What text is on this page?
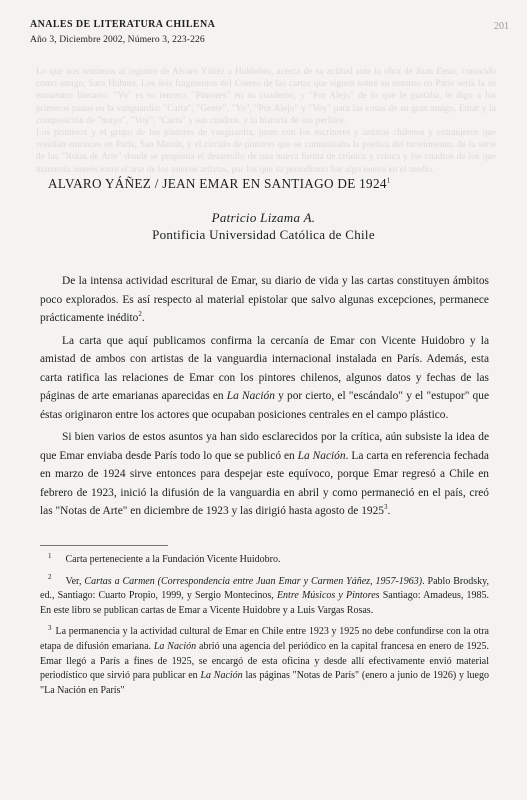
Lo que nos sentimos al registro de Alvaro Yáñez a Huidobro, acerca de su actitud ante la obra de Juan Emar, conocido como amigo, Sara Hubner. Los seis fragmentos del Correo de las cartas que siguen sobre su entorno en París sería la su encuentro literario: "Yo" es su tercero, "Pintores" en su cuaderno, y "Por Alejo" de lo que le gustaba, le digo a los primeros pasos en la vanguardia: "Carta", "Gente", "Yo", "Por Alejo" y "Voy" para las cosas de su gran amigo. Emar y la composición de "mayo", "Voy", "Carta" y sus cuadros, y la historia de sus perfiles.

Los primeros y el grupo de los pintores de vanguardia, junto con los escritores y artistas chilenos y extranjeros que residían entonces en París, San Martín, y el círculo de pintores que se comunicaba la poética del movimiento: de la serie de las "Notas de Arte" donde se proponía el desarrollo de una nueva forma de crónica y crítica y los cuadros de los que mantenía interés entre el arte de los nuevos artistas, por los que su periodismo fue algo nuevo en el medio.

ANALES DE LITERATURA CHILENA
Año 3, Diciembre 2002, Número 3, 223-226
201
ALVARO YÁÑEZ / JEAN EMAR EN SANTIAGO DE 1924$^1$
Patricio Lizama A.
Pontificia Universidad Católica de Chile

De la intensa actividad escritural de Emar, su diario de vida y las cartas constituyen ámbitos poco explorados. Es así respecto al material epistolar que salvo algunas excepciones, permanece prácticamente inédito$^2$.

La carta que aquí publicamos confirma la cercanía de Emar con Vicente Huidobro y la amistad de ambos con artistas de la vanguardia internacional instalada en París. Además, esta carta ratifica las relaciones de Emar con los pintores chilenos, algunos datos y fechas de las páginas de arte emarianas aparecidas en La Nación y por cierto, el "escándalo" y el "estupor" que éstas originaron entre los actores que ocupaban posiciones centrales en el campo plástico.

Si bien varios de estos asuntos ya han sido esclarecidos por la crítica, aún subsiste la idea de que Emar enviaba desde París todo lo que se publicó en La Nación. La carta en referencia fechada en marzo de 1924 sirve entonces para despejar este equívoco, porque Emar regresó a Chile en febrero de 1923, inició la difusión de la vanguardia en abril y como permaneció en el país, creó las "Notas de Arte" en diciembre de 1923 y las dirigió hasta agosto de 1925$^3$.

$^1$ Carta perteneciente a la Fundación Vicente Huidobro.

$^2$ Ver, Cartas a Carmen (Correspondencia entre Juan Emar y Carmen Yáñez, 1957-1963). Pablo Brodsky, ed., Santiago: Cuarto Propio, 1999, y Sergio Montecinos, Entre Músicos y Pintores Santiago: Amadeus, 1985. En este libro se publican cartas de Emar a Vicente Huidobre y a Luis Vargas Rosas.

$^3$ La permanencia y la actividad cultural de Emar en Chile entre 1923 y 1925 no debe confundirse con la otra etapa de difusión emariana. La Nación abrió una agencia del periódico en la capital francesa en enero de 1925. Emar llegó a París a fines de 1925, se encargó de esta oficina y desde allí efectivamente envió material periodístico que sirvió para publicar en La Nación las páginas "Notas de París" (enero a junio de 1926) y luego "La Nación en París"
